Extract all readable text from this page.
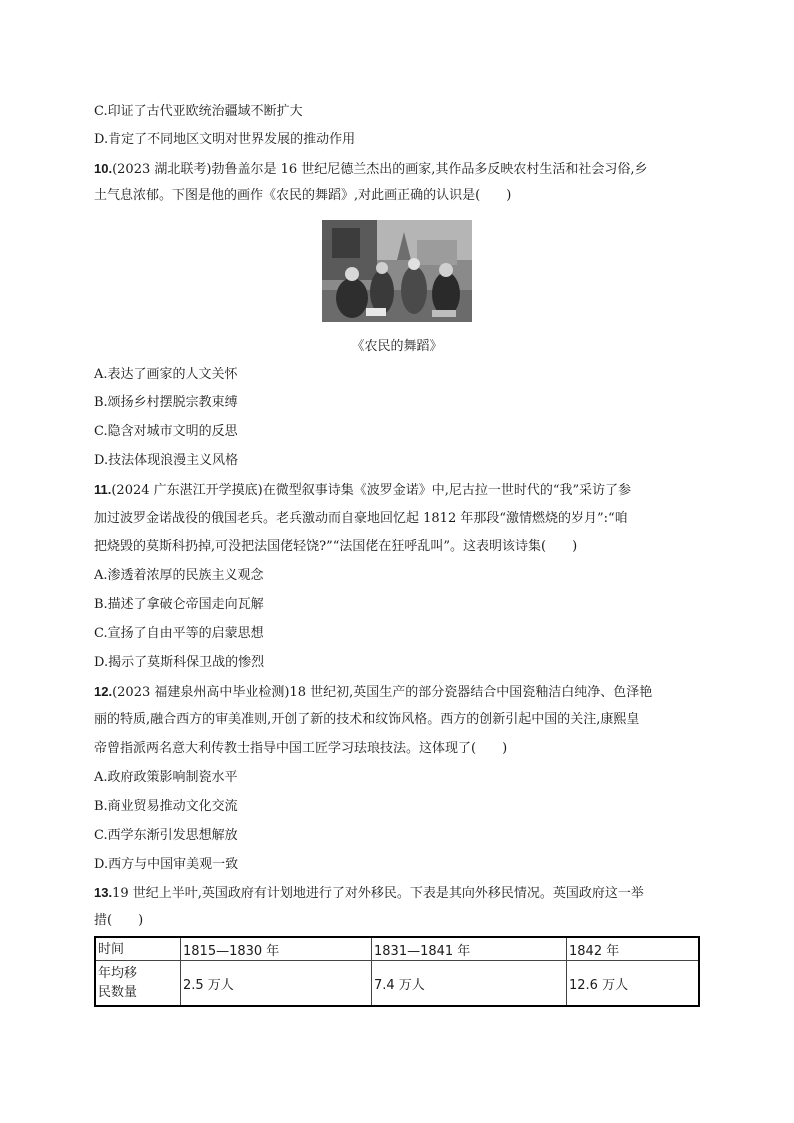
C.印证了古代亚欧统治疆域不断扩大
D.肯定了不同地区文明对世界发展的推动作用
10.(2023 湖北联考)勃鲁盖尔是 16 世纪尼德兰杰出的画家,其作品多反映农村生活和社会习俗,乡
土气息浓郁。下图是他的画作《农民的舞蹈》,对此画正确的认识是(　　)
《农民的舞蹈》
A.表达了画家的人文关怀
B.颂扬乡村摆脱宗教束缚
C.隐含对城市文明的反思
D.技法体现浪漫主义风格
11.(2024 广东湛江开学摸底)在微型叙事诗集《波罗金诺》中,尼古拉一世时代的“我”采访了参
加过波罗金诺战役的俄国老兵。老兵激动而自豪地回忆起 1812 年那段“激情燃烧的岁月”:“咱
把烧毁的莫斯科扔掉,可没把法国佬轻饶?”“法国佬在狂呼乱叫”。这表明该诗集(　　)
A.渗透着浓厚的民族主义观念
B.描述了拿破仑帝国走向瓦解
C.宣扬了自由平等的启蒙思想
D.揭示了莫斯科保卫战的惨烈
12.(2023 福建泉州高中毕业检测)18 世纪初,英国生产的部分瓷器结合中国瓷釉洁白纯净、色泽艳
丽的特质,融合西方的审美准则,开创了新的技术和纹饰风格。西方的创新引起中国的关注,康熙皇
帝曾指派两名意大利传教士指导中国工匠学习珐琅技法。这体现了(　　)
A.政府政策影响制瓷水平
B.商业贸易推动文化交流
C.西学东渐引发思想解放
D.西方与中国审美观一致
13.19 世纪上半叶,英国政府有计划地进行了对外移民。下表是其向外移民情况。英国政府这一举
措(　　)
时间	1815—1830 年	1831—1841 年	1842 年
年均移
民数量	2.5 万人	7.4 万人	12.6 万人
